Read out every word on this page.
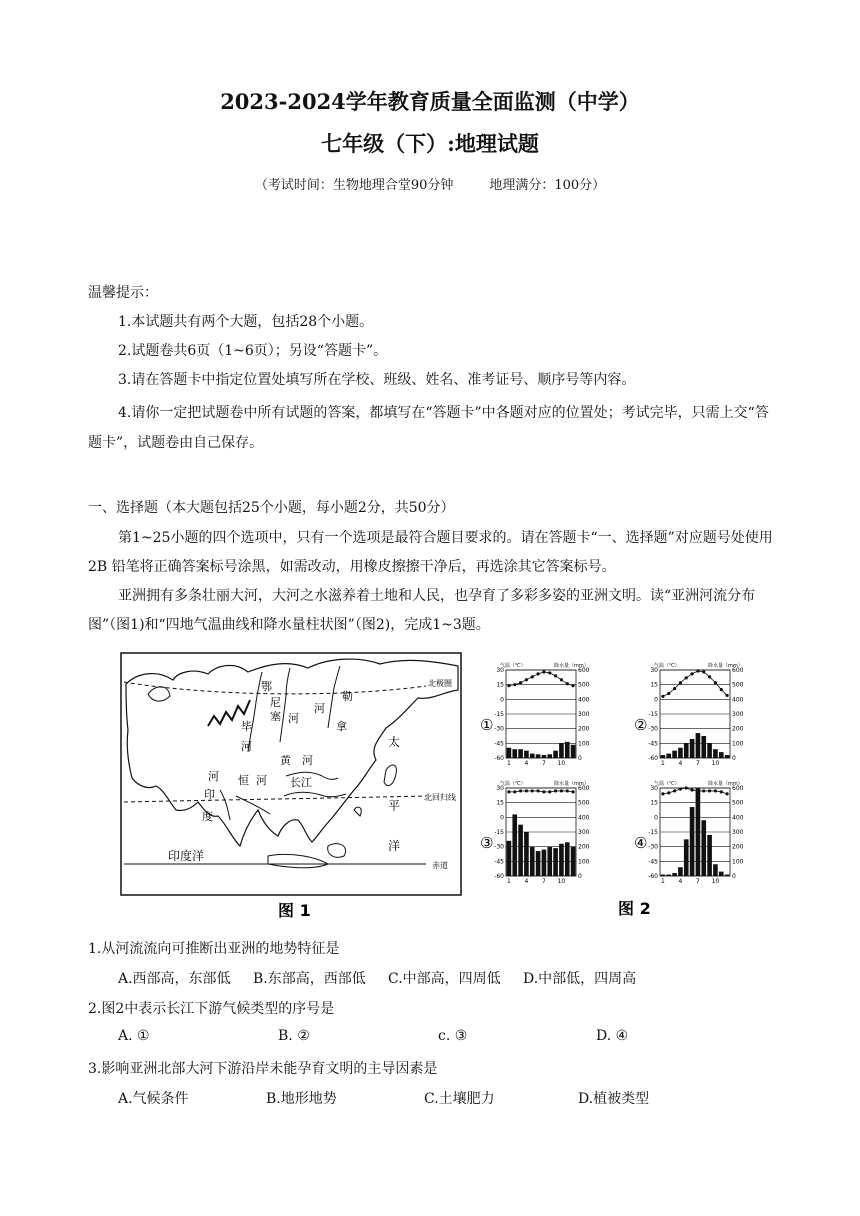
2023-2024学年教育质量全面监测（中学）
七年级（下）:地理试题
（考试时间：生物地理合堂90分钟	地理满分：100分）
温馨提示：
1.本试题共有两个大题，包括28个小题。
2.试题卷共6页（1~6页）；另设“答题卡”。
3.请在答题卡中指定位置处填写所在学校、班级、姓名、准考证号、顺序号等内容。
4.请你一定把试题卷中所有试题的答案，都填写在“答题卡”中各题对应的位置处；考试完毕，只需上交“答题卡”，试题卷由自己保存。
一、选择题（本大题包括25个小题，每小题2分，共50分）
第1~25小题的四个选项中，只有一个选项是最符合题目要求的。请在答题卡“一、选择题”对应题号处使用 2B 铅笔将正确答案标号涂黑，如需改动，用橡皮擦擦干净后，再选涂其它答案标号。
亚洲拥有多条壮丽大河，大河之水滋养着土地和人民，也孕育了多彩多姿的亚洲文明。读“亚洲河流分布图”（图1)和“四地气温曲线和降水量柱状图”（图2)，完成1~3题。
鄂
毕
河
尼
塞 河
勒
拿
河
河
印
度
恒 河
黄 河
长江
太
平
洋
北极圈
北回归线
印度洋
赤道
图 1	图 2
气温（℃）	降水量（mm）
30	600
15	500
0	400
-15	300
-30	200
-45	100
-60	0
1 4 7 10
①
气温（℃）	降水量（mm）
30	600
15	500
0	400
-15	300
-30	200
-45	100
-60	0
1 4 7 10
②
气温（℃）	降水量（mm）
30	600
15	500
0	400
-15	300
-30	200
-45	100
-60	0
1 4 7 10
③
气温（℃）	降水量（mm）
30	600
15	500
0	400
-15	300
-30	200
-45	100
-60	0
1 4 7 10
④
1.从河流流向可推断出亚洲的地势特征是
A.西部高，东部低 B.东部高，西部低 C.中部高，四周低 D.中部低，四周高
2.图2中表示长江下游气候类型的序号是
A. ①	B. ②	c. ③	D. ④
3.影响亚洲北部大河下游沿岸未能孕育文明的主导因素是
A.气候条件	B.地形地势	C.土壤肥力	D.植被类型
